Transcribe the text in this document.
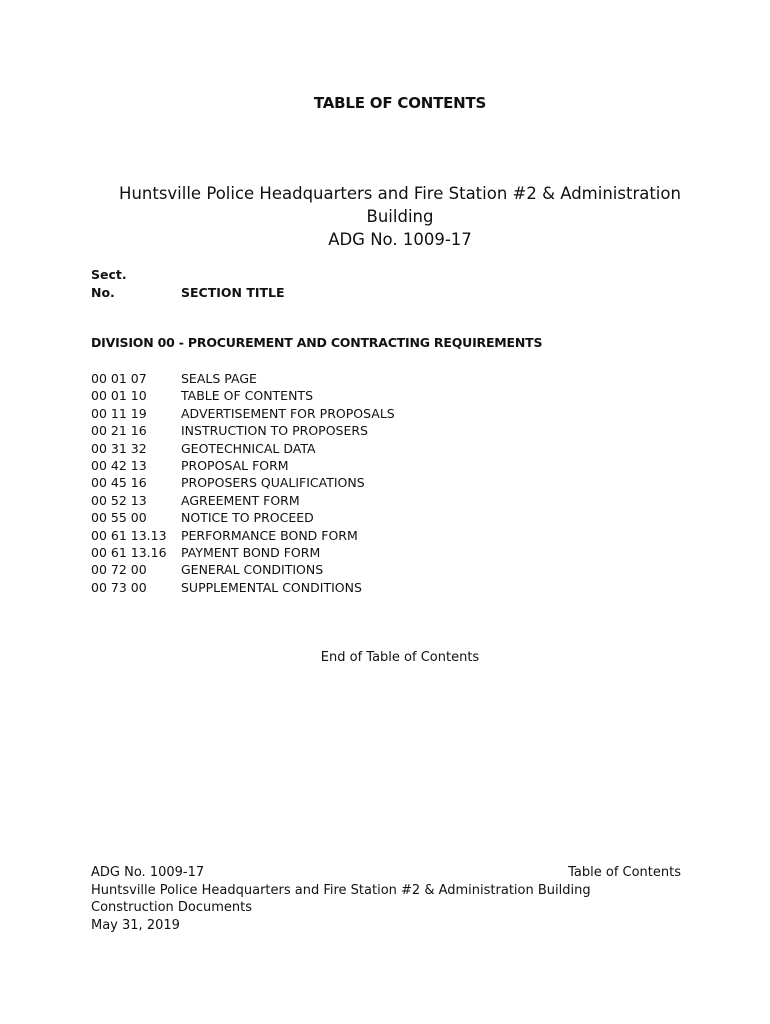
TABLE OF CONTENTS
Huntsville Police Headquarters and Fire Station #2 & Administration
Building
ADG No. 1009-17
Sect.
No.	SECTION TITLE
DIVISION 00 - PROCUREMENT AND CONTRACTING REQUIREMENTS
00 01 07	SEALS PAGE
00 01 10	TABLE OF CONTENTS
00 11 19	ADVERTISEMENT FOR PROPOSALS
00 21 16	INSTRUCTION TO PROPOSERS
00 31 32	GEOTECHNICAL DATA
00 42 13	PROPOSAL FORM
00 45 16	PROPOSERS QUALIFICATIONS
00 52 13	AGREEMENT FORM
00 55 00	NOTICE TO PROCEED
00 61 13.13 PERFORMANCE BOND FORM
00 61 13.16 PAYMENT BOND FORM
00 72 00	GENERAL CONDITIONS
00 73 00	SUPPLEMENTAL CONDITIONS
End of Table of Contents
ADG No. 1009-17	Table of Contents
Huntsville Police Headquarters and Fire Station #2 & Administration Building
Construction Documents
May 31, 2019
